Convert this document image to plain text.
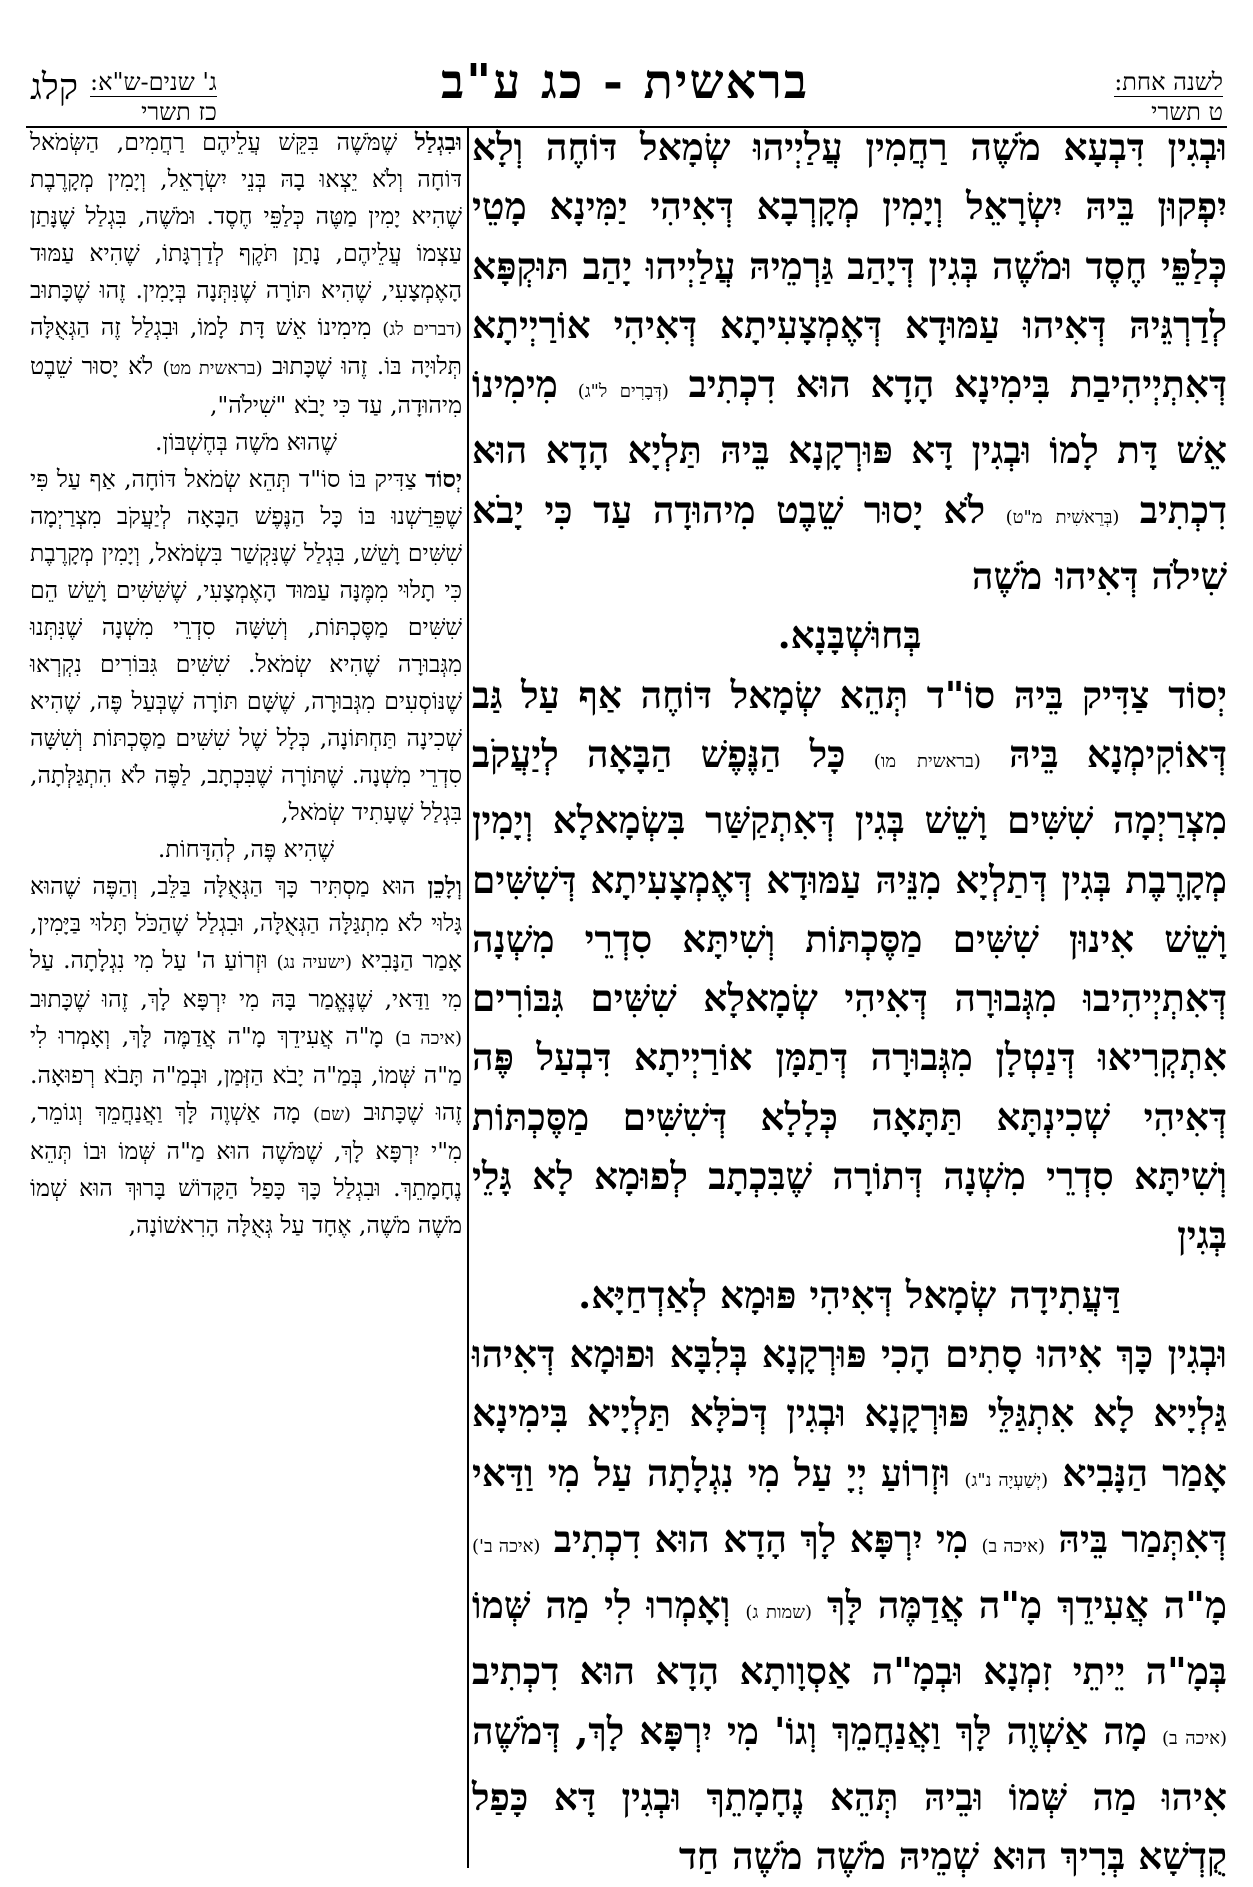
לשנה אחת:
ט תשרי
בראשית - כג ע"ב
קלג ג' שנים-ש"א:
כז תשרי

וּבְגִין דִּבְעָא מֹשֶׁה רַחֲמִין עֲלַיְיהוּ שְׂמָאל דּוֹחֶה וְלָא יִפְקוּן בֵּיהּ יִשְׂרָאֵל וְיָמִין מְקָרְבָא דְּאִיהִי יַמִּינָא מָטֵי כְּלַפֵּי חֶסֶד וּמֹשֶׁה בְּגִין דְּיָהַב גַּרְמֵיהּ עֲלַיְיהוּ יָהַב תּוּקְפָּא לְדַרְגֵּיהּ דְּאִיהוּ עַמּוּדָא דְּאֶמְצָעִיתָא דְּאִיהִי אוֹרַיְיתָא דְּאִתְיְיהִיבַת בִּימִינָא הָדָא הוּא דִכְתִיב (דְּבָרִים ל"ג) מִימִינוֹ אֵשׁ דָּת לָמוֹ וּבְגִין דָּא פּוּרְקָנָא בֵּיהּ תַּלְיָא הָדָא הוּא דִכְתִיב (בְּרֵאשִׁית מ"ט) לֹא יָסוּר שֵׁבֶט מִיהוּדָה עַד כִּי יָבֹא שִׁילֹה דְּאִיהוּ מֹשֶׁה
בְּחוּשְׁבָּנָא.

יְסוֹד צַדִּיק בֵּיהּ סוֹ"ד תְּהֵא שְׂמָאל דּוֹחֶה אַף עַל גַּב דְּאוֹקִימְנָא בֵּיהּ (בראשית מו) כָּל הַנֶּפֶשׁ הַבָּאָה לְיַעֲקֹב מִצְרַיְמָה שִׁשִּׁים וָשֵׁשׁ בְּגִין דְּאִתְקַשַּׁר בִּשְׂמָאלָא וְיָמִין מְקָרֶבֶת בְּגִין דְּתַלְיָא מִנֵּיהּ עַמּוּדָא דְּאֶמְצָעִיתָא דְּשִׁשִּׁים וָשֵׁשׁ אִינוּן שִׁשִּׁים מַסֶּכְתּוֹת וְשִׁיתָּא סִדְרֵי מִשְׁנָה דְּאִתְיְיהִיבוּ מִגְּבוּרָה דְּאִיהִי שְׂמָאלָא שִׁשִּׁים גִּבּוֹרִים אִתְקְרִיאוּ דְּנַטְלָן מִגְּבוּרָה דְּתַמָּן אוֹרַיְיתָא דִּבְעַל פֶּה דְּאִיהִי שְׁכִינְתָּא תַּתָּאָה כְּלָלָא דְּשִׁשִּׁים מַסֶּכְתּוֹת וְשִׁיתָּא סִדְרֵי מִשְׁנָה דְּתוֹרָה שֶׁבִּכְתָב לְפוּמָא לָא גָּלֵי בְּגִין
דַּעֲתִידָה שְׂמָאל דְּאִיהִי פּוּמָא לְאַדְחַיָּא.

וּבְגִין כָּךְ אִיהוּ סָתִים הָכִי פּוּרְקָנָא בְּלִבָּא וּפוּמָא דְּאִיהוּ גַּלְיָיא לָא אִתְגַּלֵּי פּוּרְקָנָא וּבְגִין דְּכֹלָּא תַּלְיָיא בִּימִינָא אָמַר הַנָּבִיא (יְשַׁעְיָה נ"ג) וּזְרוֹעַ יְיָ עַל מִי נִגְלָתָה עַל מִי וַדַּאי דְּאִתְּמַר בֵּיהּ (איכה ב) מִי יִרְפָּא לָךְ הָדָא הוּא דִכְתִיב (איכה ב') מָ"ה אֲעִידֵךְ מָ"ה אֲדַמֶּה לָּךְ (שמות ג) וְאָמְרוּ לִי מַה שְּׁמוֹ בְּמָ"ה יֵיתֵי זִמְנָא וּבְמָ"ה אַסְוָותָא הָדָא הוּא דִכְתִיב (איכה ב) מָה אַשְׁוֶה לָּךְ וַאֲנַחֲמֵךְ וְגוֹ' מִי יִרְפָּא לָךְ, דְּמֹשֶׁה אִיהוּ מַה שְּׁמוֹ וּבֵיהּ תְּהֵא נֶחָמָתֵךְ וּבְגִין דָּא כָּפַל קֻדְשָׁא בְּרִיךְ הוּא שְׁמֵיהּ מֹשֶׁה מֹשֶׁה חַד

וּבִגְלַל שֶׁמֹּשֶׁה בִּקֵּשׁ עֲלֵיהֶם רַחֲמִים, הַשְּׂמֹאל דּוֹחָה וְלֹא יֵצְאוּ בָהּ בְּנֵי יִשְׂרָאֵל, וְיָמִין מְקָרֶבֶת שֶׁהִיא יָמִין מַטֶּה כְּלַפֵּי חֶסֶד. וּמֹשֶׁה, בִּגְלַל שֶׁנָּתַן עַצְמוֹ עֲלֵיהֶם, נָתַן תֹּקֶף לְדַרְגָּתוֹ, שֶׁהִיא עַמּוּד הָאֶמְצָעִי, שֶׁהִיא תּוֹרָה שֶׁנִּתְּנָה בְּיָמִין. זֶהוּ שֶׁכָּתוּב (דברים לג) מִימִינוֹ אֵשׁ דָּת לָמוֹ, וּבִגְלַל זֶה הַגְּאֻלָּה תְּלוּיָה בּוֹ. זֶהוּ שֶׁכָּתוּב (בראשית מט) לֹא יָסוּר שֵׁבֶט מִיהוּדָה, עַד כִּי יָבֹא "שִׁילֹה",
שֶׁהוּא מֹשֶׁה בְּחֶשְׁבּוֹן.

יְסוֹד צַדִּיק בּוֹ סוֹ"ד תְּהֵא שְׂמֹאל דּוֹחָה, אַף עַל פִּי שֶׁפֵּרַשְׁנוּ בּוֹ כָּל הַנֶּפֶשׁ הַבָּאָה לְיַעֲקֹב מִצְרַיְמָה שִׁשִּׁים וָשֵׁשׁ, בִּגְלַל שֶׁנִּקְשַׁר בִּשְׂמֹאל, וְיָמִין מְקָרֶבֶת כִּי תָלוּי מִמֶּנָּה עַמּוּד הָאֶמְצָעִי, שֶׁשִּׁשִּׁים וָשֵׁשׁ הֵם שִׁשִּׁים מַסֶּכְתּוֹת, וְשִׁשָּׁה סִדְרֵי מִשְׁנָה שֶׁנִּתְּנוּ מִגְּבוּרָה שֶׁהִיא שְׂמֹאל. שִׁשִּׁים גִּבּוֹרִים נִקְרְאוּ שֶׁנּוֹסְעִים מִגְּבוּרָה, שֶׁשָּׁם תּוֹרָה שֶׁבְּעַל פֶּה, שֶׁהִיא שְׁכִינָה תַּחְתּוֹנָה, כְּלָל שֶׁל שִׁשִּׁים מַסֶּכְתּוֹת וְשִׁשָּׁה סִדְרֵי מִשְׁנָה. שֶׁתּוֹרָה שֶׁבִּכְתָב, לַפֶּה לֹא הִתְגַּלְּתָה, בִּגְלַל שֶׁעָתִיד שְׂמֹאל,
שֶׁהִיא פֶּה, לְהִדָּחוֹת.

וְלָכֵן הוּא מַסְתִּיר כָּךְ הַגְּאֻלָּה בַּלֵּב, וְהַפֶּה שֶׁהוּא גָּלוּי לֹא מִתְגַּלָּה הַגְּאֻלָּה, וּבִגְלַל שֶׁהַכֹּל תָּלוּי בַּיָּמִין, אָמַר הַנָּבִיא (ישעיה נג) וּזְרוֹעַ ה' עַל מִי נִגְלָתָה. עַל מִי וַדַּאי, שֶׁנֶּאֱמַר בָּהּ מִי יִרְפָּא לָךְ, זֶהוּ שֶׁכָּתוּב (איכה ב) מָ"ה אֲעִידֵךְ מָ"ה אֲדַמֶּה לָּךְ, וְאָמְרוּ לִי מַ"ה שְּׁמוֹ, בְּמַ"ה יָבֹא הַזְּמַן, וּבְמַ"ה תָּבֹא רְפוּאָה. זֶהוּ שֶׁכָּתוּב (שם) מָה אַשְׁוֶה לָּךְ וַאֲנַחֲמֵךְ וְגוֹמֵר, מִ"י יִרְפָּא לָךְ, שֶׁמֹּשֶׁה הוּא מַ"ה שְּׁמוֹ וּבוֹ תְּהֵא נֶחָמָתֵךְ. וּבִגְלַל כָּךְ כָּפַל הַקָּדוֹשׁ בָּרוּךְ הוּא שְׁמוֹ מֹשֶׁה מֹשֶׁה, אֶחָד עַל גְּאֻלָּה הָרִאשׁוֹנָה,
